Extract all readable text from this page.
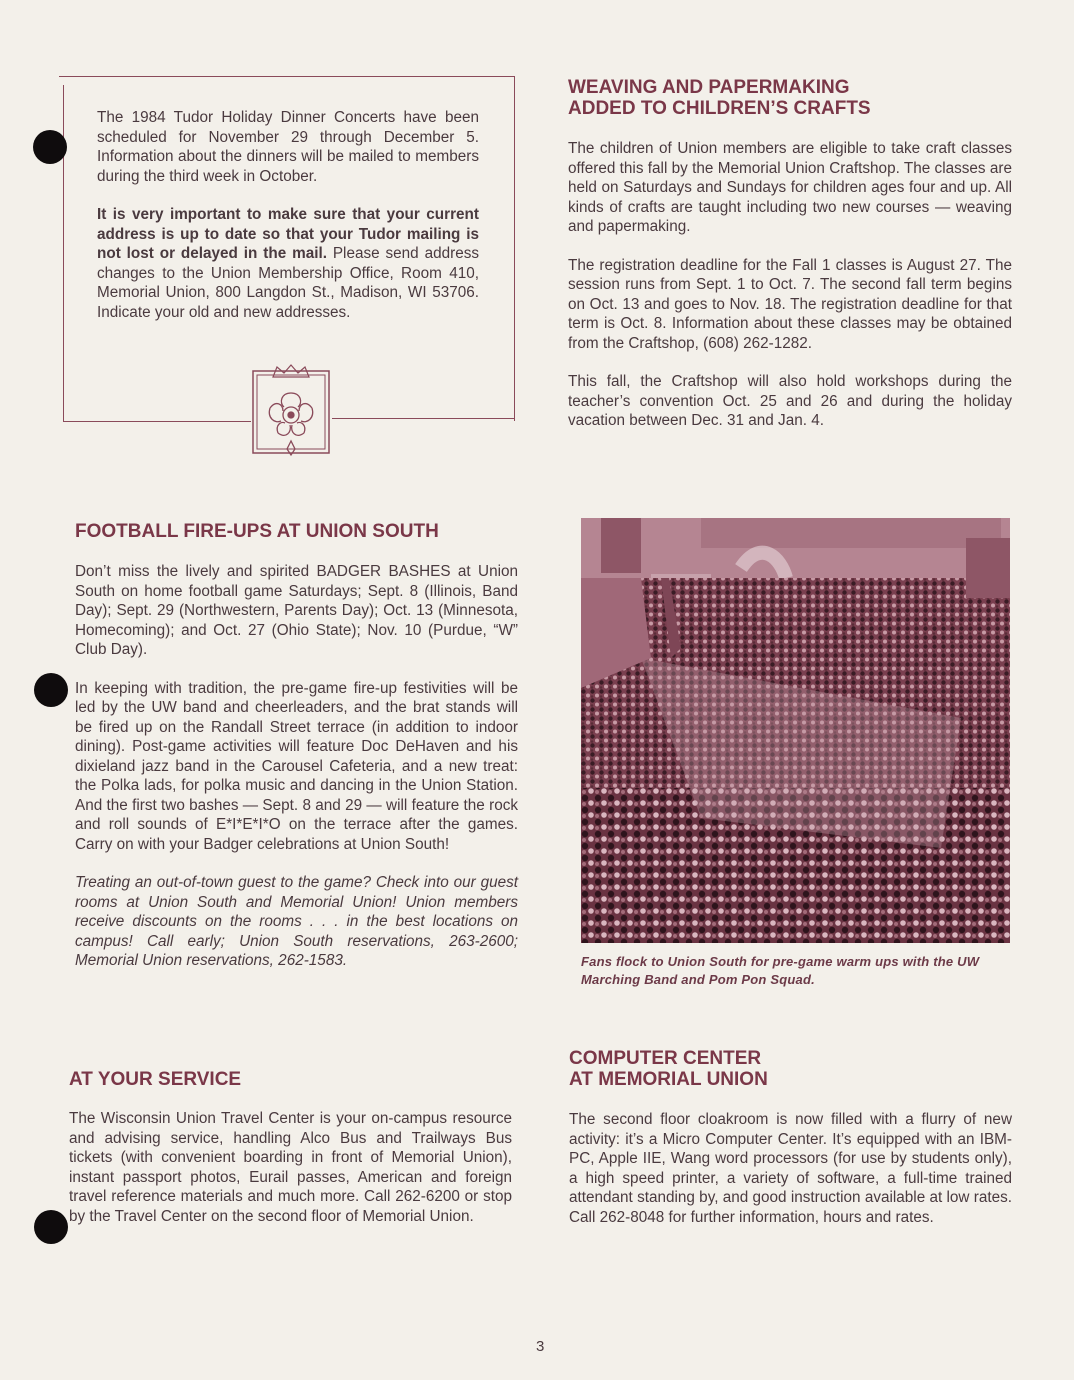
The 1984 Tudor Holiday Dinner Concerts have been scheduled for November 29 through December 5. Information about the dinners will be mailed to members during the third week in October.

It is very important to make sure that your current address is up to date so that your Tudor mailing is not lost or delayed in the mail. Please send address changes to the Union Membership Office, Room 410, Memorial Union, 800 Langdon St., Madison, WI 53706. Indicate your old and new addresses.

WEAVING AND PAPERMAKING
ADDED TO CHILDREN’S CRAFTS

The children of Union members are eligible to take craft classes offered this fall by the Memorial Union Craftshop. The classes are held on Saturdays and Sundays for children ages four and up. All kinds of crafts are taught including two new courses — weaving and papermaking.

The registration deadline for the Fall 1 classes is August 27. The session runs from Sept. 1 to Oct. 7. The second fall term begins on Oct. 13 and goes to Nov. 18. The registration deadline for that term is Oct. 8. Information about these classes may be obtained from the Craftshop, (608) 262-1282.

This fall, the Craftshop will also hold workshops during the teacher’s convention Oct. 25 and 26 and during the holiday vacation between Dec. 31 and Jan. 4.

FOOTBALL FIRE-UPS AT UNION SOUTH

Don’t miss the lively and spirited BADGER BASHES at Union South on home football game Saturdays; Sept. 8 (Illinois, Band Day); Sept. 29 (Northwestern, Parents Day); Oct. 13 (Minnesota, Homecoming); and Oct. 27 (Ohio State); Nov. 10 (Purdue, “W” Club Day).

In keeping with tradition, the pre-game fire-up festivities will be led by the UW band and cheerleaders, and the brat stands will be fired up on the Randall Street terrace (in addition to indoor dining). Post-game activities will feature Doc DeHaven and his dixieland jazz band in the Carousel Cafeteria, and a new treat: the Polka lads, for polka music and dancing in the Union Station. And the first two bashes — Sept. 8 and 29 — will feature the rock and roll sounds of E*I*E*I*O on the terrace after the games. Carry on with your Badger celebrations at Union South!

Treating an out-of-town guest to the game? Check into our guest rooms at Union South and Memorial Union! Union members receive discounts on the rooms . . . in the best locations on campus! Call early; Union South reservations, 263-2600; Memorial Union reservations, 262-1583.	Fans flock to Union South for pre-game warm ups with the UW Marching Band and Pom Pon Squad.

AT YOUR SERVICE

The Wisconsin Union Travel Center is your on-campus resource and advising service, handling Alco Bus and Trailways Bus tickets (with convenient boarding in front of Memorial Union), instant passport photos, Eurail passes, American and foreign travel reference materials and much more. Call 262-6200 or stop by the Travel Center on the second floor of Memorial Union.

COMPUTER CENTER
AT MEMORIAL UNION

The second floor cloakroom is now filled with a flurry of new activity: it’s a Micro Computer Center. It’s equipped with an IBM-PC, Apple IIE, Wang word processors (for use by students only), a high speed printer, a variety of software, a full-time trained attendant standing by, and good instruction available at low rates. Call 262-8048 for further information, hours and rates.

3
